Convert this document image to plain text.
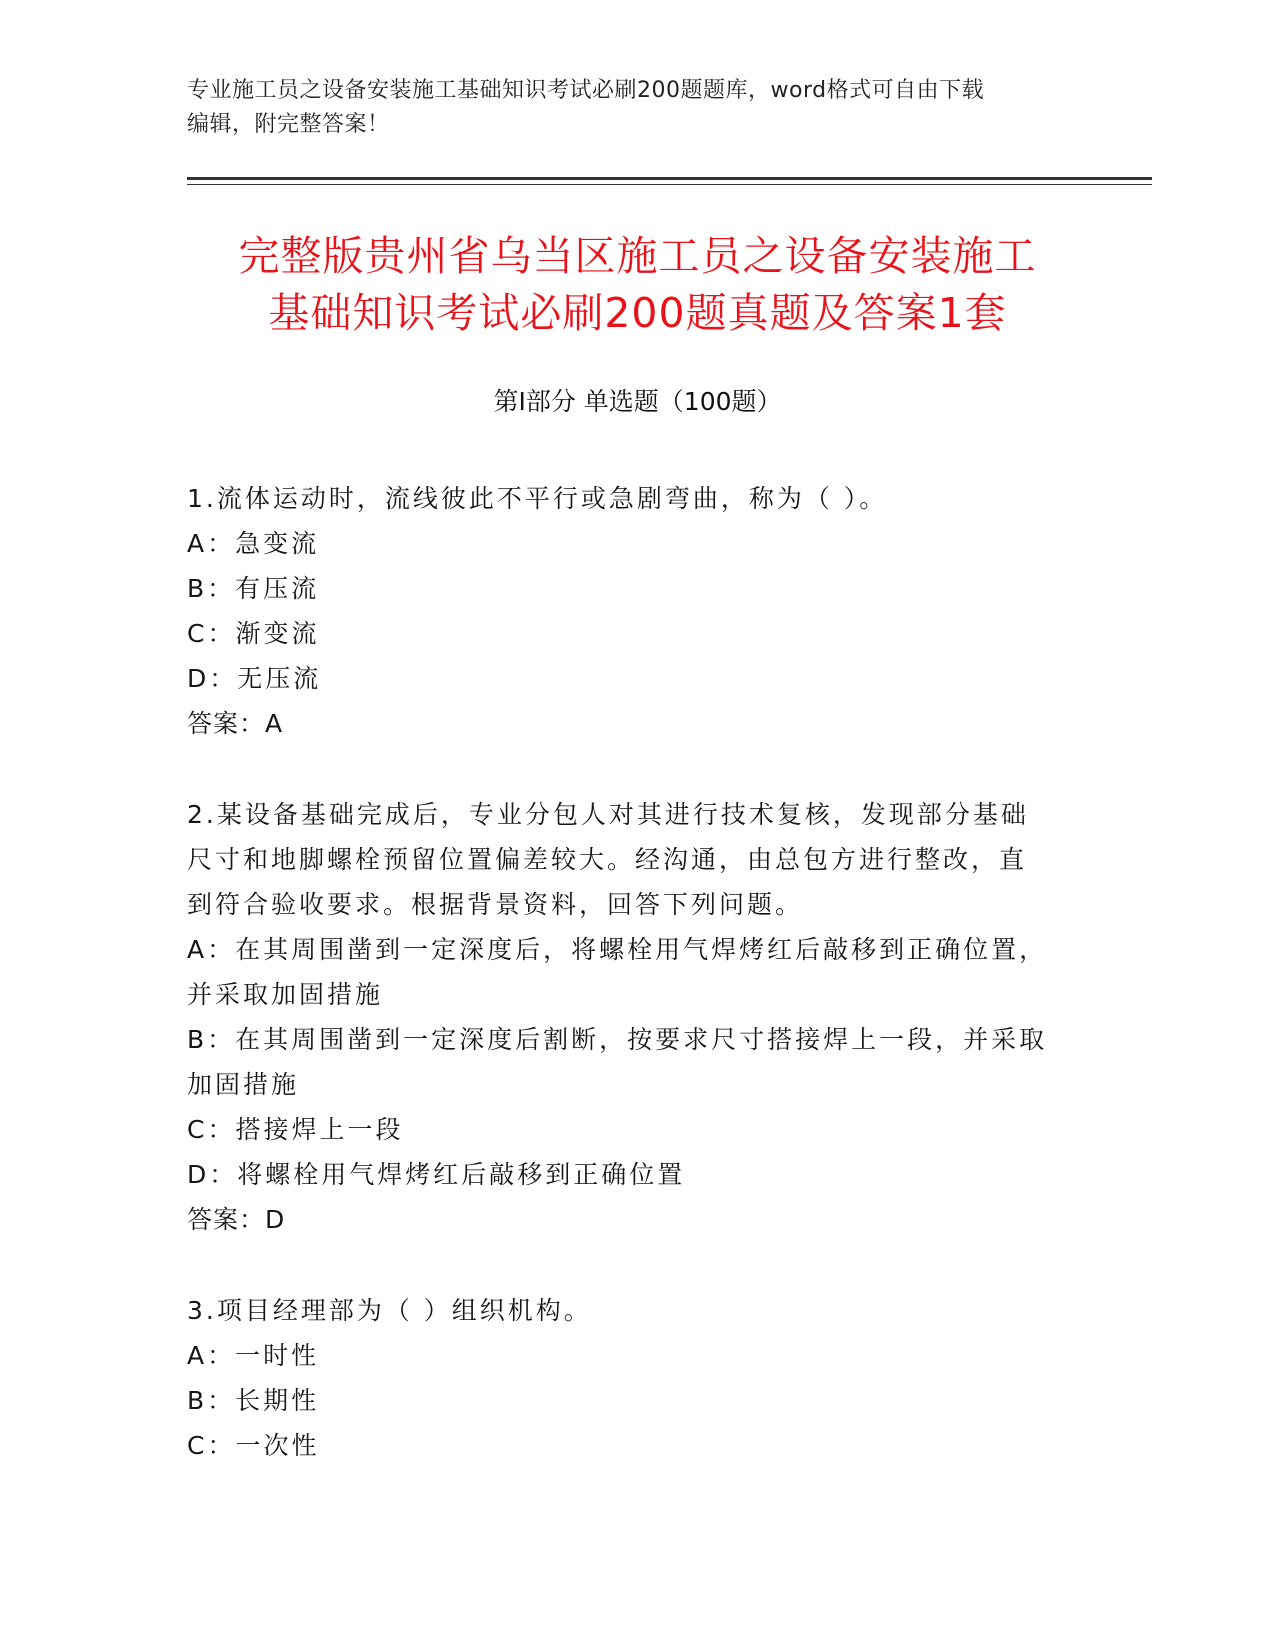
专业施工员之设备安装施工基础知识考试必刷200题题库，word格式可自由下载
编辑，附完整答案！
完整版贵州省乌当区施工员之设备安装施工
基础知识考试必刷200题真题及答案1套
第I部分 单选题（100题）
1.流体运动时，流线彼此不平行或急剧弯曲，称为（ ）。
A：急变流
B：有压流
C：渐变流
D：无压流
答案：A
2.某设备基础完成后，专业分包人对其进行技术复核，发现部分基础
尺寸和地脚螺栓预留位置偏差较大。经沟通，由总包方进行整改，直
到符合验收要求。根据背景资料，回答下列问题。
A：在其周围凿到一定深度后，将螺栓用气焊烤红后敲移到正确位置，
并采取加固措施
B：在其周围凿到一定深度后割断，按要求尺寸搭接焊上一段，并采取
加固措施
C：搭接焊上一段
D：将螺栓用气焊烤红后敲移到正确位置
答案：D
3.项目经理部为（ ）组织机构。
A：一时性
B：长期性
C：一次性
